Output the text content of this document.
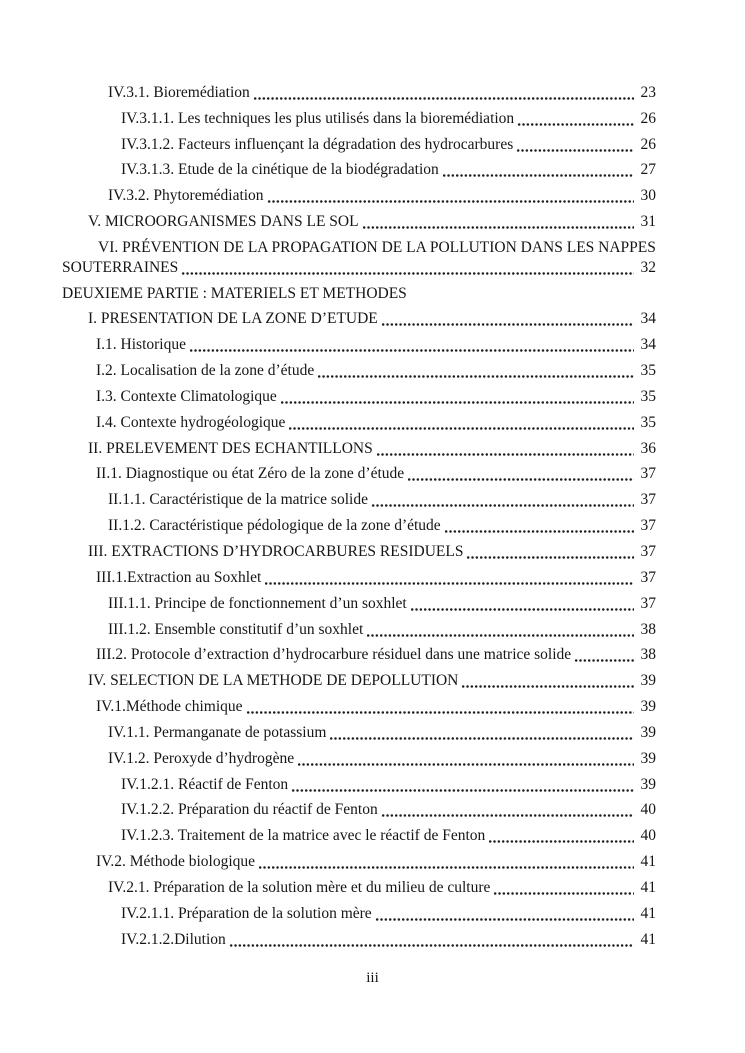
IV.3.1. Bioremédiation	23
IV.3.1.1. Les techniques les plus utilisés dans la bioremédiation	26
IV.3.1.2. Facteurs influençant la dégradation des hydrocarbures	26
IV.3.1.3. Etude de la cinétique de la biodégradation	27
IV.3.2. Phytoremédiation	30
V. MICROORGANISMES DANS LE SOL	31
VI. PRÉVENTION DE LA PROPAGATION DE LA POLLUTION DANS LES NAPPES
SOUTERRAINES	32
DEUXIEME PARTIE : MATERIELS ET METHODES
I. PRESENTATION DE LA ZONE D’ETUDE	34
I.1. Historique	34
I.2. Localisation de la zone d’étude	35
I.3. Contexte Climatologique	35
I.4. Contexte hydrogéologique	35
II. PRELEVEMENT DES ECHANTILLONS	36
II.1. Diagnostique ou état Zéro de la zone d’étude	37
II.1.1. Caractéristique de la matrice solide	37
II.1.2. Caractéristique pédologique de la zone d’étude	37
III. EXTRACTIONS D’HYDROCARBURES RESIDUELS	37
III.1.Extraction au Soxhlet	37
III.1.1. Principe de fonctionnement d’un soxhlet	37
III.1.2. Ensemble constitutif d’un soxhlet	38
III.2. Protocole d’extraction d’hydrocarbure résiduel dans une matrice solide	38
IV. SELECTION DE LA METHODE DE DEPOLLUTION	39
IV.1.Méthode chimique	39
IV.1.1. Permanganate de potassium	39
IV.1.2. Peroxyde d’hydrogène	39
IV.1.2.1. Réactif de Fenton	39
IV.1.2.2. Préparation du réactif de Fenton	40
IV.1.2.3. Traitement de la matrice avec le réactif de Fenton	40
IV.2. Méthode biologique	41
IV.2.1. Préparation de la solution mère et du milieu de culture	41
IV.2.1.1. Préparation de la solution mère	41
IV.2.1.2.Dilution	41
iii
